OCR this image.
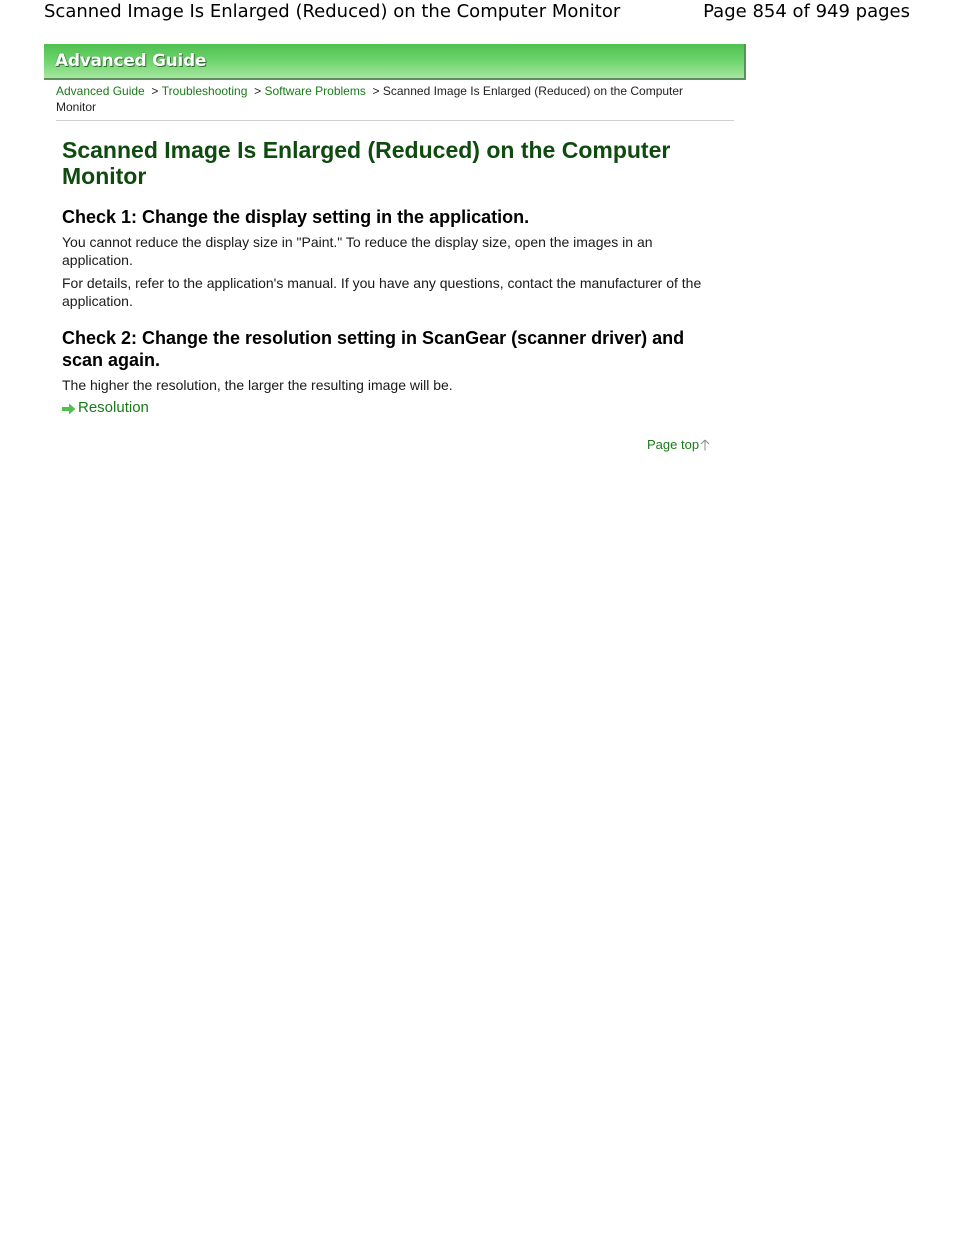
Scanned Image Is Enlarged (Reduced) on the Computer Monitor	Page 854 of 949 pages
Advanced Guide
Advanced Guide > Troubleshooting > Software Problems > Scanned Image Is Enlarged (Reduced) on the Computer Monitor
Scanned Image Is Enlarged (Reduced) on the Computer Monitor
Check 1: Change the display setting in the application.

You cannot reduce the display size in "Paint." To reduce the display size, open the images in an application.

For details, refer to the application's manual. If you have any questions, contact the manufacturer of the application.

Check 2: Change the resolution setting in ScanGear (scanner driver) and scan again.

The higher the resolution, the larger the resulting image will be.

Resolution
Page top
